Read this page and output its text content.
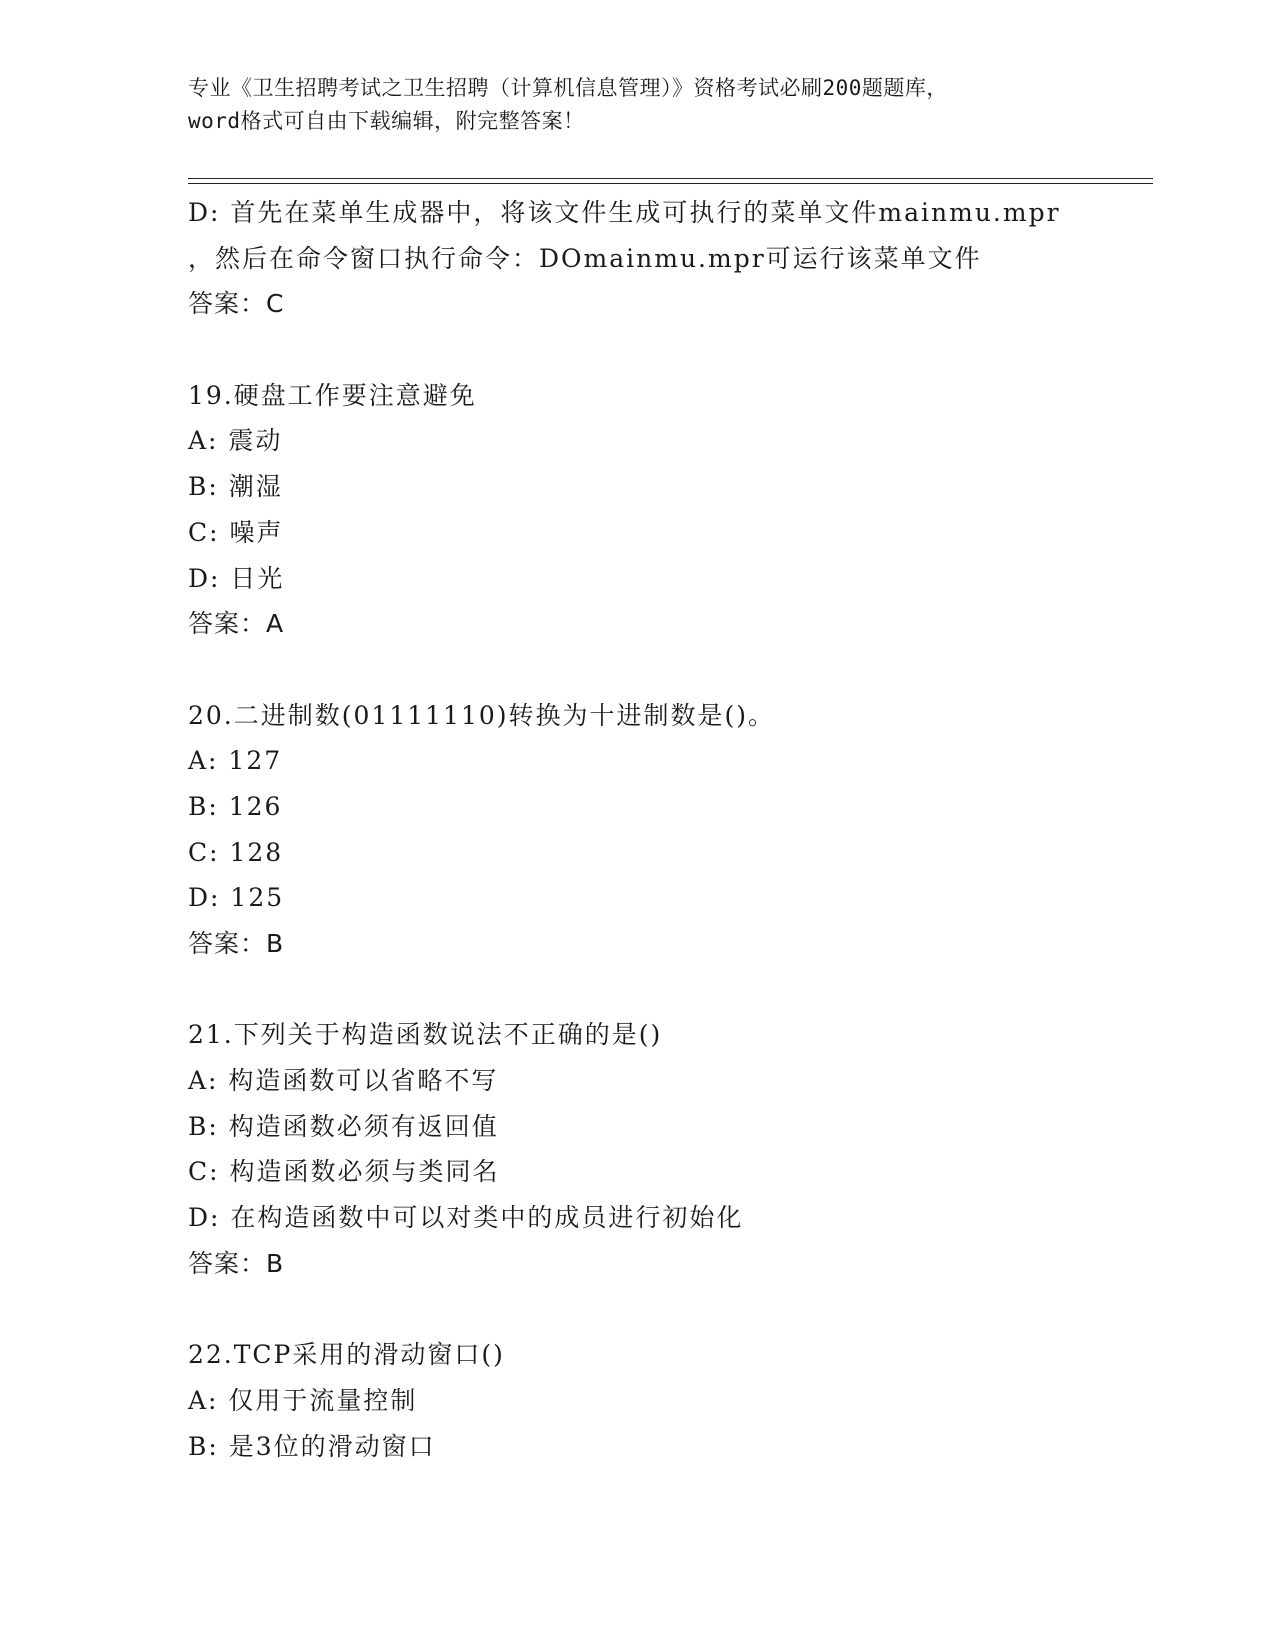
专业《卫生招聘考试之卫生招聘（计算机信息管理）》资格考试必刷200题题库，
word格式可自由下载编辑，附完整答案！
D: 首先在菜单生成器中，将该文件生成可执行的菜单文件mainmu.mpr
，然后在命令窗口执行命令：DOmainmu.mpr可运行该菜单文件
答案：C
19.硬盘工作要注意避免
A: 震动
B: 潮湿
C: 噪声
D: 日光
答案：A
20.二进制数(01111110)转换为十进制数是()。
A: 127
B: 126
C: 128
D: 125
答案：B
21.下列关于构造函数说法不正确的是()
A: 构造函数可以省略不写
B: 构造函数必须有返回值
C: 构造函数必须与类同名
D: 在构造函数中可以对类中的成员进行初始化
答案：B
22.TCP采用的滑动窗口()
A: 仅用于流量控制
B: 是3位的滑动窗口
